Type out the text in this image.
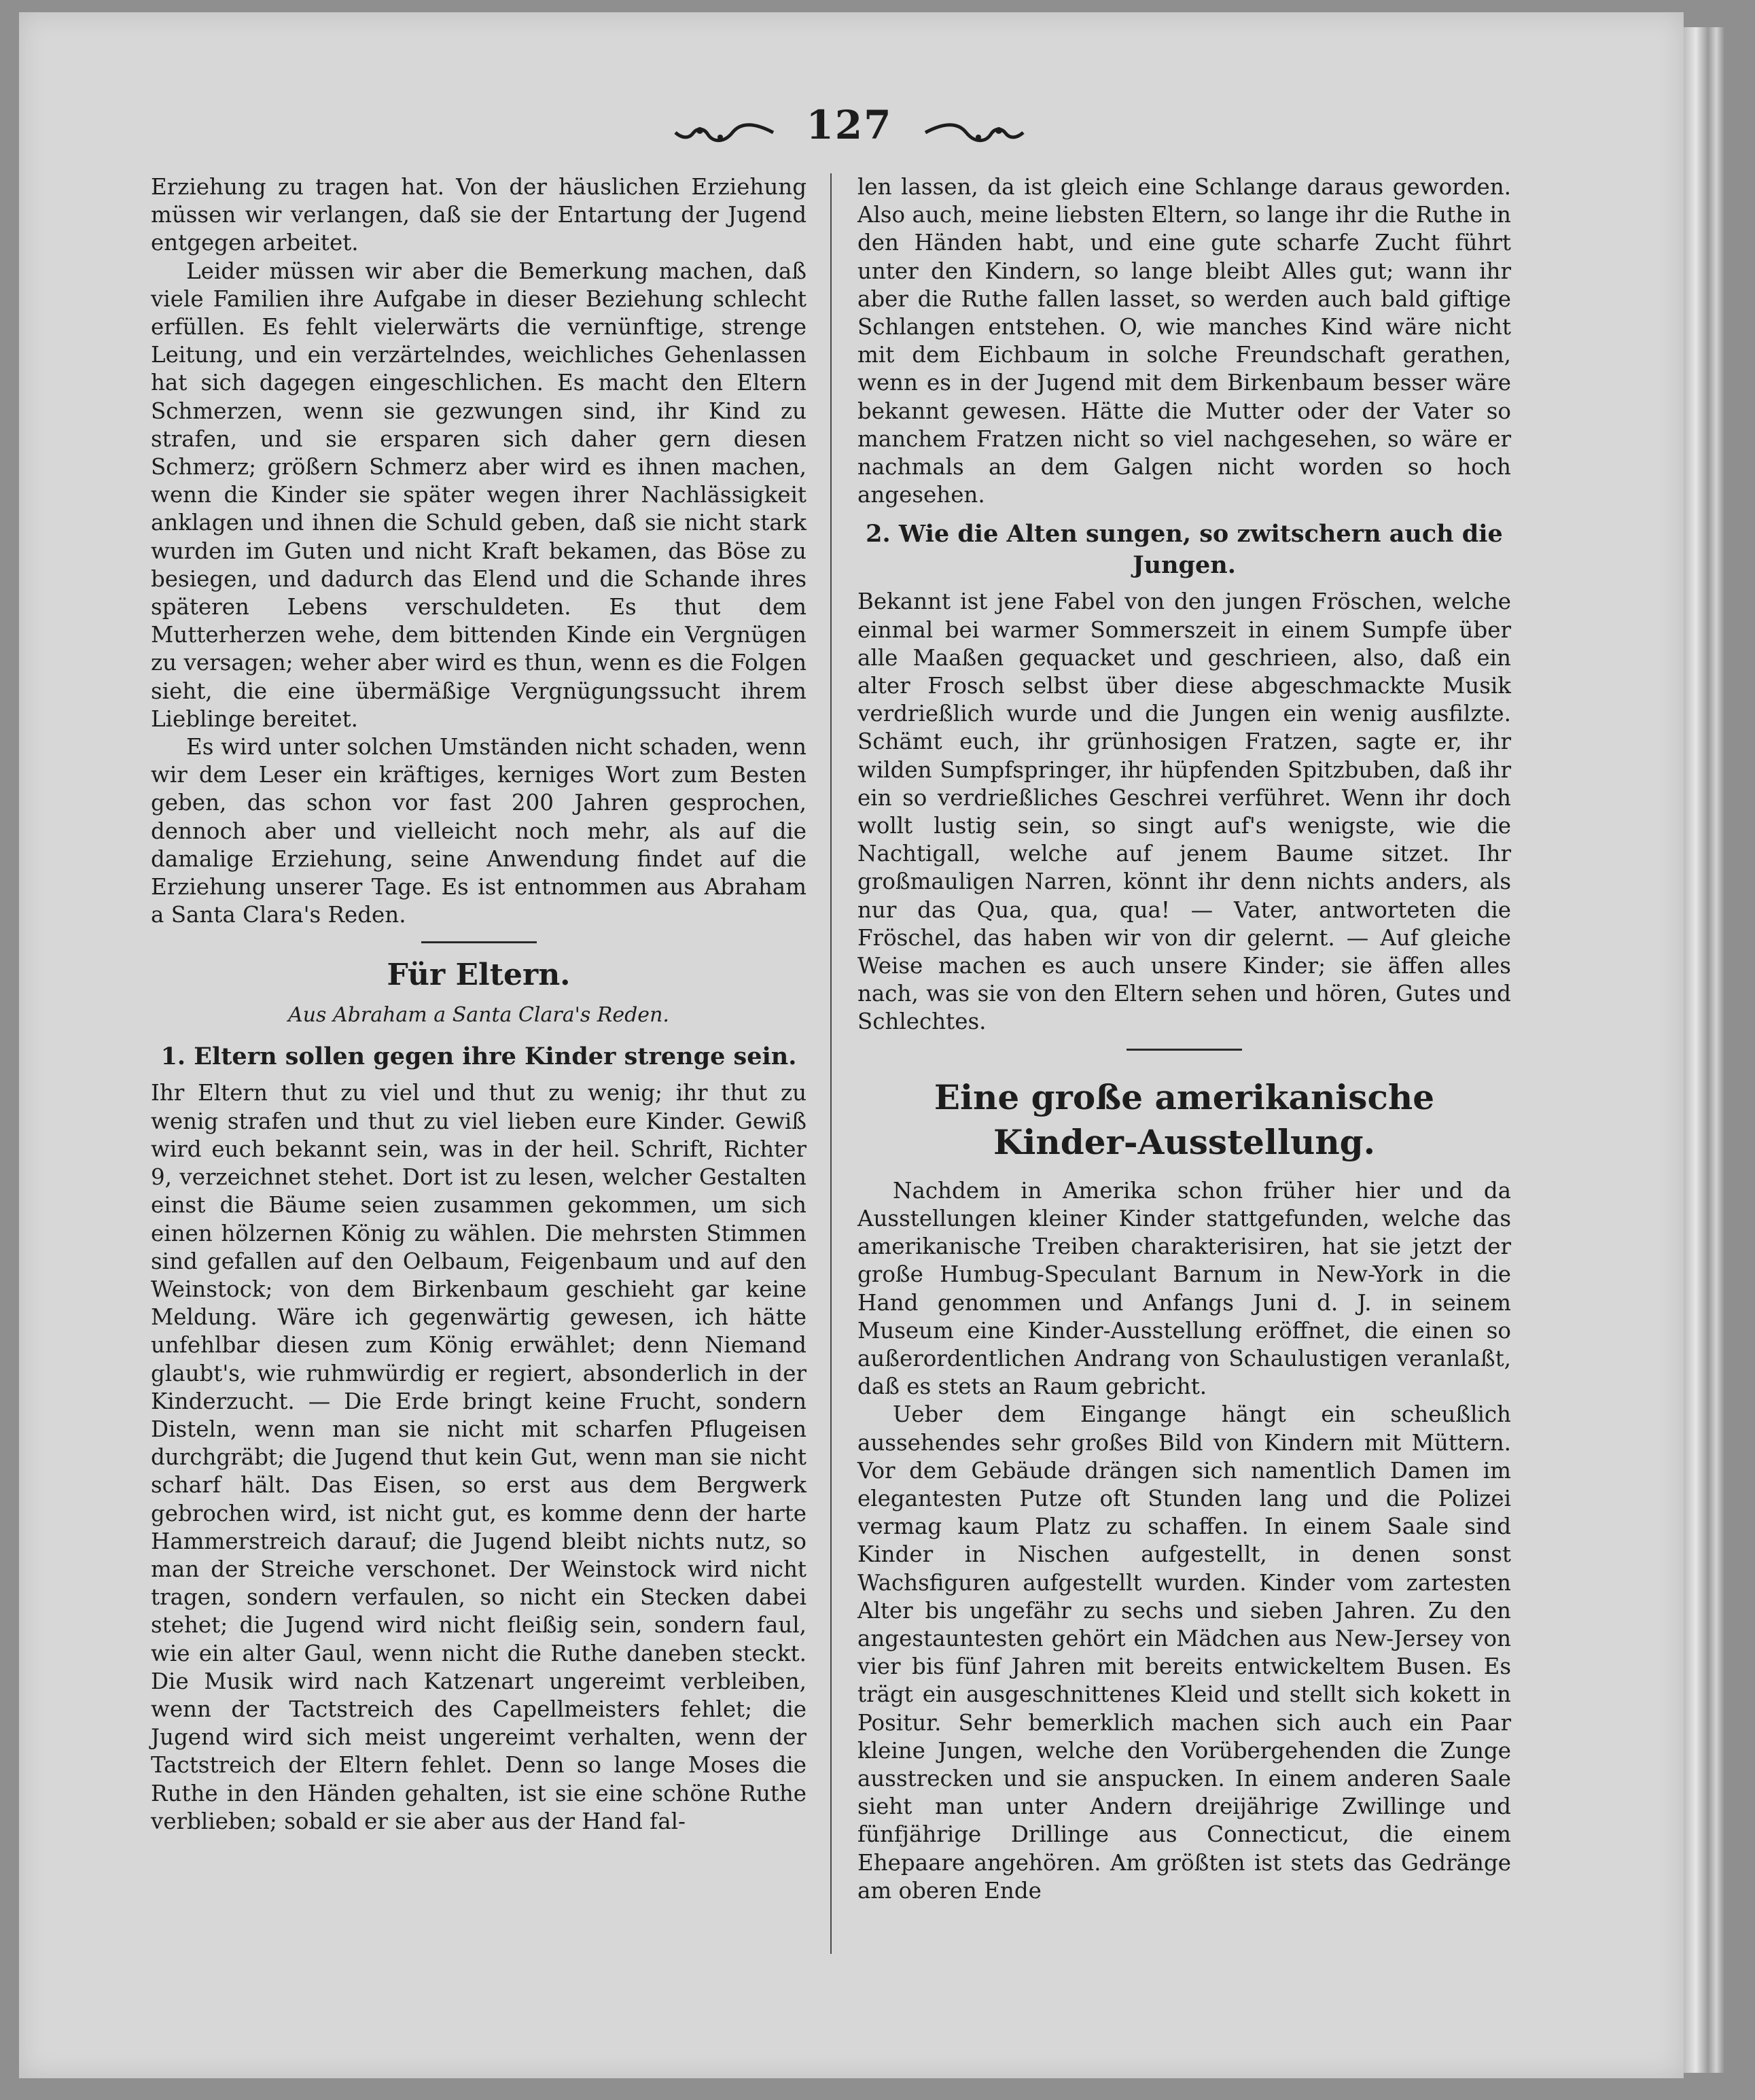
127

Erziehung zu tragen hat. Von der häuslichen Erziehung müssen wir verlangen, daß sie der Entartung der Jugend entgegen arbeitet.

Leider müssen wir aber die Bemerkung machen, daß viele Familien ihre Aufgabe in dieser Beziehung schlecht erfüllen. Es fehlt vielerwärts die vernünftige, strenge Leitung, und ein verzärtelndes, weichliches Gehenlassen hat sich dagegen eingeschlichen. Es macht den Eltern Schmerzen, wenn sie gezwungen sind, ihr Kind zu strafen, und sie ersparen sich daher gern diesen Schmerz; größern Schmerz aber wird es ihnen machen, wenn die Kinder sie später wegen ihrer Nachlässigkeit anklagen und ihnen die Schuld geben, daß sie nicht stark wurden im Guten und nicht Kraft bekamen, das Böse zu besiegen, und dadurch das Elend und die Schande ihres späteren Lebens verschuldeten. Es thut dem Mutterherzen wehe, dem bittenden Kinde ein Vergnügen zu versagen; weher aber wird es thun, wenn es die Folgen sieht, die eine übermäßige Vergnügungssucht ihrem Lieblinge bereitet.

Es wird unter solchen Umständen nicht schaden, wenn wir dem Leser ein kräftiges, kerniges Wort zum Besten geben, das schon vor fast 200 Jahren gesprochen, dennoch aber und vielleicht noch mehr, als auf die damalige Erziehung, seine Anwendung findet auf die Erziehung unserer Tage. Es ist entnommen aus Abraham a Santa Clara's Reden.

Für Eltern.
Aus Abraham a Santa Clara's Reden.
1. Eltern sollen gegen ihre Kinder strenge sein.

Ihr Eltern thut zu viel und thut zu wenig; ihr thut zu wenig strafen und thut zu viel lieben eure Kinder. Gewiß wird euch bekannt sein, was in der heil. Schrift, Richter 9, verzeichnet stehet. Dort ist zu lesen, welcher Gestalten einst die Bäume seien zusammen gekommen, um sich einen hölzernen König zu wählen. Die mehrsten Stimmen sind gefallen auf den Oelbaum, Feigenbaum und auf den Weinstock; von dem Birkenbaum geschieht gar keine Meldung. Wäre ich gegenwärtig gewesen, ich hätte unfehlbar diesen zum König erwählet; denn Niemand glaubt's, wie ruhmwürdig er regiert, absonderlich in der Kinderzucht. — Die Erde bringt keine Frucht, sondern Disteln, wenn man sie nicht mit scharfen Pflugeisen durchgräbt; die Jugend thut kein Gut, wenn man sie nicht scharf hält. Das Eisen, so erst aus dem Bergwerk gebrochen wird, ist nicht gut, es komme denn der harte Hammerstreich darauf; die Jugend bleibt nichts nutz, so man der Streiche verschonet. Der Weinstock wird nicht tragen, sondern verfaulen, so nicht ein Stecken dabei stehet; die Jugend wird nicht fleißig sein, sondern faul, wie ein alter Gaul, wenn nicht die Ruthe daneben steckt. Die Musik wird nach Katzenart ungereimt verbleiben, wenn der Tactstreich des Capellmeisters fehlet; die Jugend wird sich meist ungereimt verhalten, wenn der Tactstreich der Eltern fehlet. Denn so lange Moses die Ruthe in den Händen gehalten, ist sie eine schöne Ruthe verblieben; sobald er sie aber aus der Hand fal-

len lassen, da ist gleich eine Schlange daraus geworden. Also auch, meine liebsten Eltern, so lange ihr die Ruthe in den Händen habt, und eine gute scharfe Zucht führt unter den Kindern, so lange bleibt Alles gut; wann ihr aber die Ruthe fallen lasset, so werden auch bald giftige Schlangen entstehen. O, wie manches Kind wäre nicht mit dem Eichbaum in solche Freundschaft gerathen, wenn es in der Jugend mit dem Birkenbaum besser wäre bekannt gewesen. Hätte die Mutter oder der Vater so manchem Fratzen nicht so viel nachgesehen, so wäre er nachmals an dem Galgen nicht worden so hoch angesehen.

2. Wie die Alten sungen, so zwitschern auch die Jungen.

Bekannt ist jene Fabel von den jungen Fröschen, welche einmal bei warmer Sommerszeit in einem Sumpfe über alle Maaßen gequacket und geschrieen, also, daß ein alter Frosch selbst über diese abgeschmackte Musik verdrießlich wurde und die Jungen ein wenig ausfilzte. Schämt euch, ihr grünhosigen Fratzen, sagte er, ihr wilden Sumpfspringer, ihr hüpfenden Spitzbuben, daß ihr ein so verdrießliches Geschrei verführet. Wenn ihr doch wollt lustig sein, so singt auf's wenigste, wie die Nachtigall, welche auf jenem Baume sitzet. Ihr großmauligen Narren, könnt ihr denn nichts anders, als nur das Qua, qua, qua! — Vater, antworteten die Fröschel, das haben wir von dir gelernt. — Auf gleiche Weise machen es auch unsere Kinder; sie äffen alles nach, was sie von den Eltern sehen und hören, Gutes und Schlechtes.

Eine große amerikanische Kinder-Ausstellung.

Nachdem in Amerika schon früher hier und da Ausstellungen kleiner Kinder stattgefunden, welche das amerikanische Treiben charakterisiren, hat sie jetzt der große Humbug-Speculant Barnum in New-York in die Hand genommen und Anfangs Juni d. J. in seinem Museum eine Kinder-Ausstellung eröffnet, die einen so außerordentlichen Andrang von Schaulustigen veranlaßt, daß es stets an Raum gebricht.

Ueber dem Eingange hängt ein scheußlich aussehendes sehr großes Bild von Kindern mit Müttern. Vor dem Gebäude drängen sich namentlich Damen im elegantesten Putze oft Stunden lang und die Polizei vermag kaum Platz zu schaffen. In einem Saale sind Kinder in Nischen aufgestellt, in denen sonst Wachsfiguren aufgestellt wurden. Kinder vom zartesten Alter bis ungefähr zu sechs und sieben Jahren. Zu den angestauntesten gehört ein Mädchen aus New-Jersey von vier bis fünf Jahren mit bereits entwickeltem Busen. Es trägt ein ausgeschnittenes Kleid und stellt sich kokett in Positur. Sehr bemerklich machen sich auch ein Paar kleine Jungen, welche den Vorübergehenden die Zunge ausstrecken und sie anspucken. In einem anderen Saale sieht man unter Andern dreijährige Zwillinge und fünfjährige Drillinge aus Connecticut, die einem Ehepaare angehören. Am größten ist stets das Gedränge am oberen Ende
